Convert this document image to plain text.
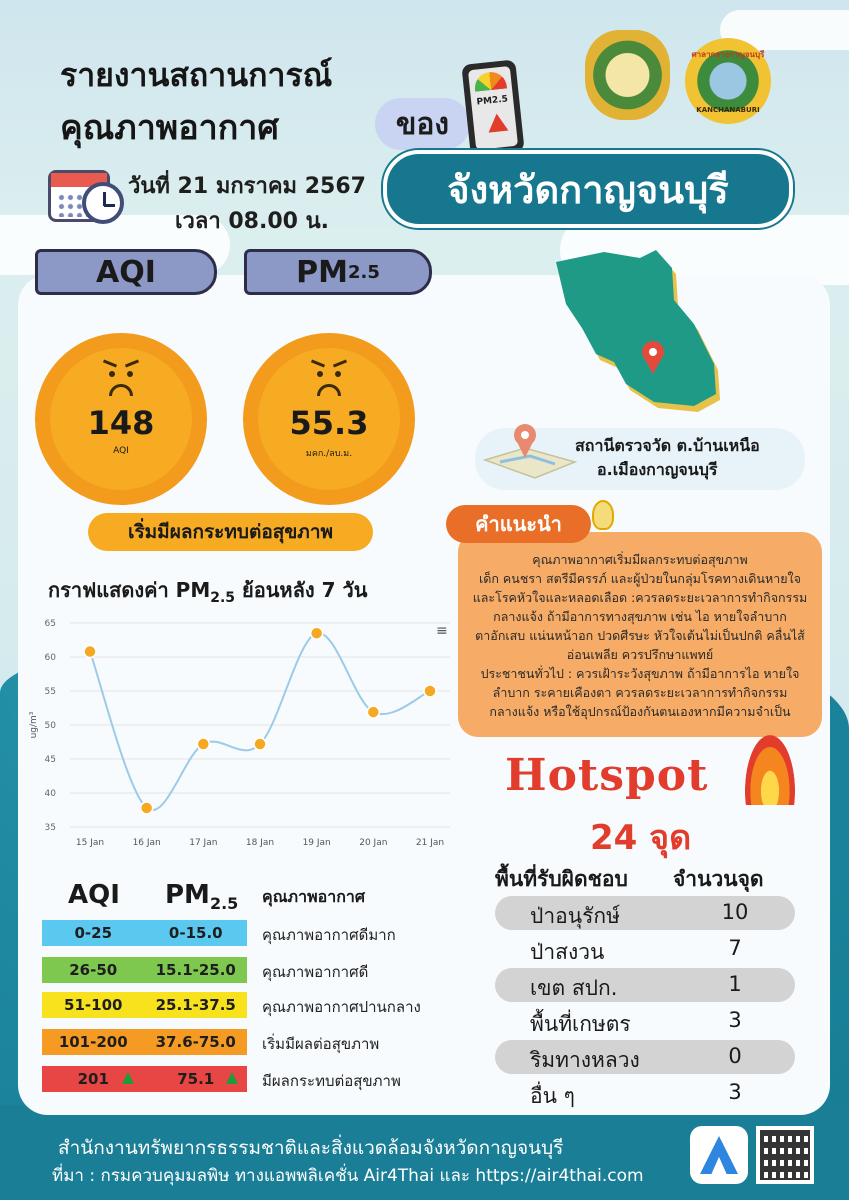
รายงานสถานการณ์
คุณภาพอากาศ	ของ
PM2.5
ศาลากลางกาญจนบุรี
KANCHANABURI
วันที่ 21 มกราคม 2567
เวลา 08.00 น.
จังหวัดกาญจนบุรี
AQI	PM 2.5
148
AQI
55.3
มคก./ลบ.ม.
เริ่มมีผลกระทบต่อสุขภาพ
สถานีตรวจวัด ต.บ้านเหนือ
อ.เมืองกาญจนบุรี
คุณภาพอากาศเริ่มมีผลกระทบต่อสุขภาพ
เด็ก คนชรา สตรีมีครรภ์ และผู้ป่วยในกลุ่มโรคทางเดินหายใจ
และโรคหัวใจและหลอดเลือด :ควรลดระยะเวลาการทำกิจกรรม
กลางแจ้ง ถ้ามีอาการทางสุขภาพ เช่น ไอ หายใจลำบาก
ตาอักเสบ แน่นหน้าอก ปวดศีรษะ หัวใจเต้นไม่เป็นปกติ คลื่นไส้
อ่อนเพลีย ควรปรึกษาแพทย์
ประชาชนทั่วไป : ควรเฝ้าระวังสุขภาพ ถ้ามีอาการไอ หายใจ
ลำบาก ระคายเคืองตา ควรลดระยะเวลาการทำกิจกรรม
กลางแจ้ง หรือใช้อุปกรณ์ป้องกันตนเองหากมีความจำเป็น
คำแนะนำ
กราฟแสดงค่า $PM_{2.5}$ ย้อนหลัง 7 วัน
≡
35
40
45
50
55
60
65
15 Jan	16 Jan	17 Jan	18 Jan	19 Jan	20 Jan	21 Jan
ug/m³
AQI $PM_{2.5}$ คุณภาพอากาศ
0-25	0-15.0	คุณภาพอากาศดีมาก
26-50	15.1-25.0	คุณภาพอากาศดี
51-100	25.1-37.5	คุณภาพอากาศปานกลาง
101-200	37.6-75.0	เริ่มมีผลต่อสุขภาพ
201	75.1	มีผลกระทบต่อสุขภาพ
Hotspot
24 จุด
พื้นที่รับผิดชอบ จำนวนจุด
ป่าอนุรักษ์	10
ป่าสงวน	7
เขต สปก.	1
พื้นที่เกษตร	3
ริมทางหลวง	0
อื่น ๆ	3
สำนักงานทรัพยากรธรรมชาติและสิ่งแวดล้อมจังหวัดกาญจนบุรี
ที่มา : กรมควบคุมมลพิษ ทางแอพพลิเคชั่น Air4Thai และ https://air4thai.com
